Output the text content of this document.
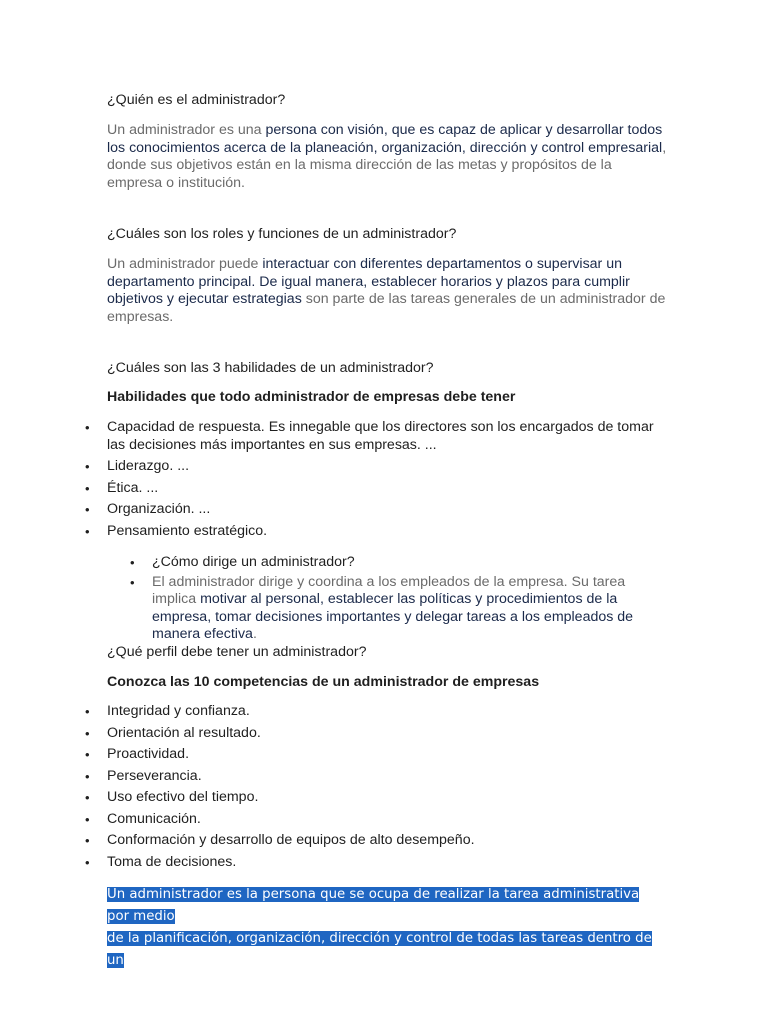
¿Quién es el administrador?
Un administrador es una persona con visión, que es capaz de aplicar y desarrollar todos los conocimientos acerca de la planeación, organización, dirección y control empresarial, donde sus objetivos están en la misma dirección de las metas y propósitos de la empresa o institución.
¿Cuáles son los roles y funciones de un administrador?
Un administrador puede interactuar con diferentes departamentos o supervisar un departamento principal. De igual manera, establecer horarios y plazos para cumplir objetivos y ejecutar estrategias son parte de las tareas generales de un administrador de empresas.
¿Cuáles son las 3 habilidades de un administrador?
Habilidades que todo administrador de empresas debe tener
• Capacidad de respuesta. Es innegable que los directores son los encargados de tomar las decisiones más importantes en sus empresas. ...
• Liderazgo. ...
• Ética. ...
• Organización. ...
• Pensamiento estratégico.
• ¿Cómo dirige un administrador?
• El administrador dirige y coordina a los empleados de la empresa. Su tarea implica motivar al personal, establecer las políticas y procedimientos de la empresa, tomar decisiones importantes y delegar tareas a los empleados de manera efectiva.
¿Qué perfil debe tener un administrador?
Conozca las 10 competencias de un administrador de empresas
• Integridad y confianza.
• Orientación al resultado.
• Proactividad.
• Perseverancia.
• Uso efectivo del tiempo.
• Comunicación.
• Conformación y desarrollo de equipos de alto desempeño.
• Toma de decisiones.
Un administrador es la persona que se ocupa de realizar la tarea administrativa por medio
de la planificación, organización, dirección y control de todas las tareas dentro de un
